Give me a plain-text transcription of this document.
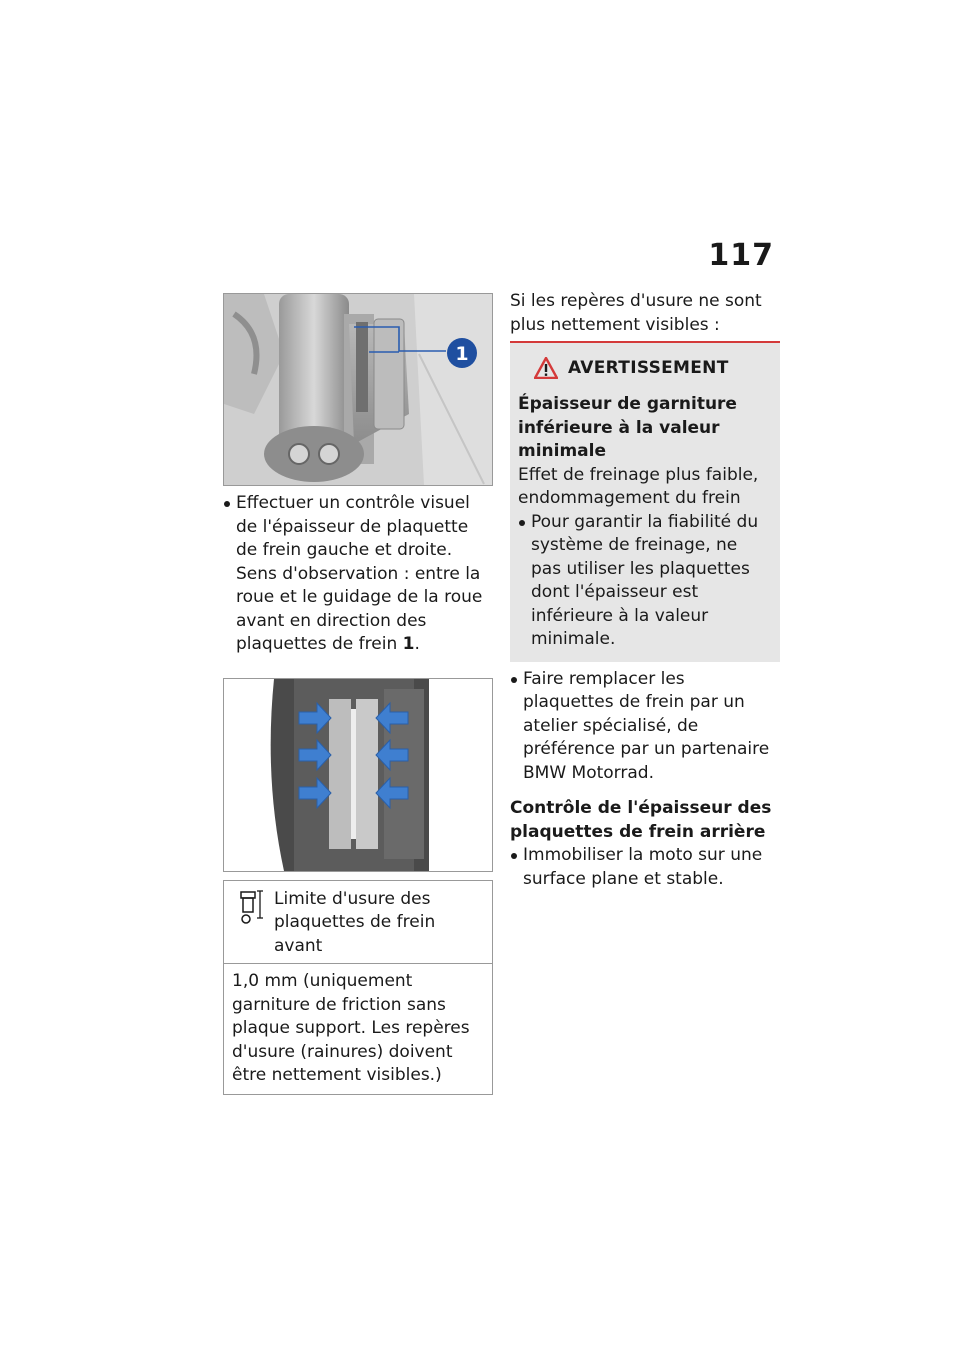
117
1
Effectuer un contrôle visuel de l'épaisseur de plaquette de frein gauche et droite. Sens d'observation : entre la roue et le guidage de la roue avant en direction des plaquettes de frein 1.

Limite d'usure des plaquettes de frein avant

1,0 mm (uniquement garniture de friction sans plaque support. Les repères d'usure (rainures) doivent être nettement visibles.)

Si les repères d'usure ne sont plus nettement visibles :

AVERTISSEMENT

Épaisseur de garniture inférieure à la valeur minimale

Effet de freinage plus faible, endommagement du frein

Pour garantir la fiabilité du système de freinage, ne pas utiliser les plaquettes dont l'épaisseur est inférieure à la valeur minimale.
Faire remplacer les plaquettes de frein par un atelier spécialisé, de préférence par un partenaire BMW Motorrad.

Contrôle de l'épaisseur des plaquettes de frein arrière

Immobiliser la moto sur une surface plane et stable.
